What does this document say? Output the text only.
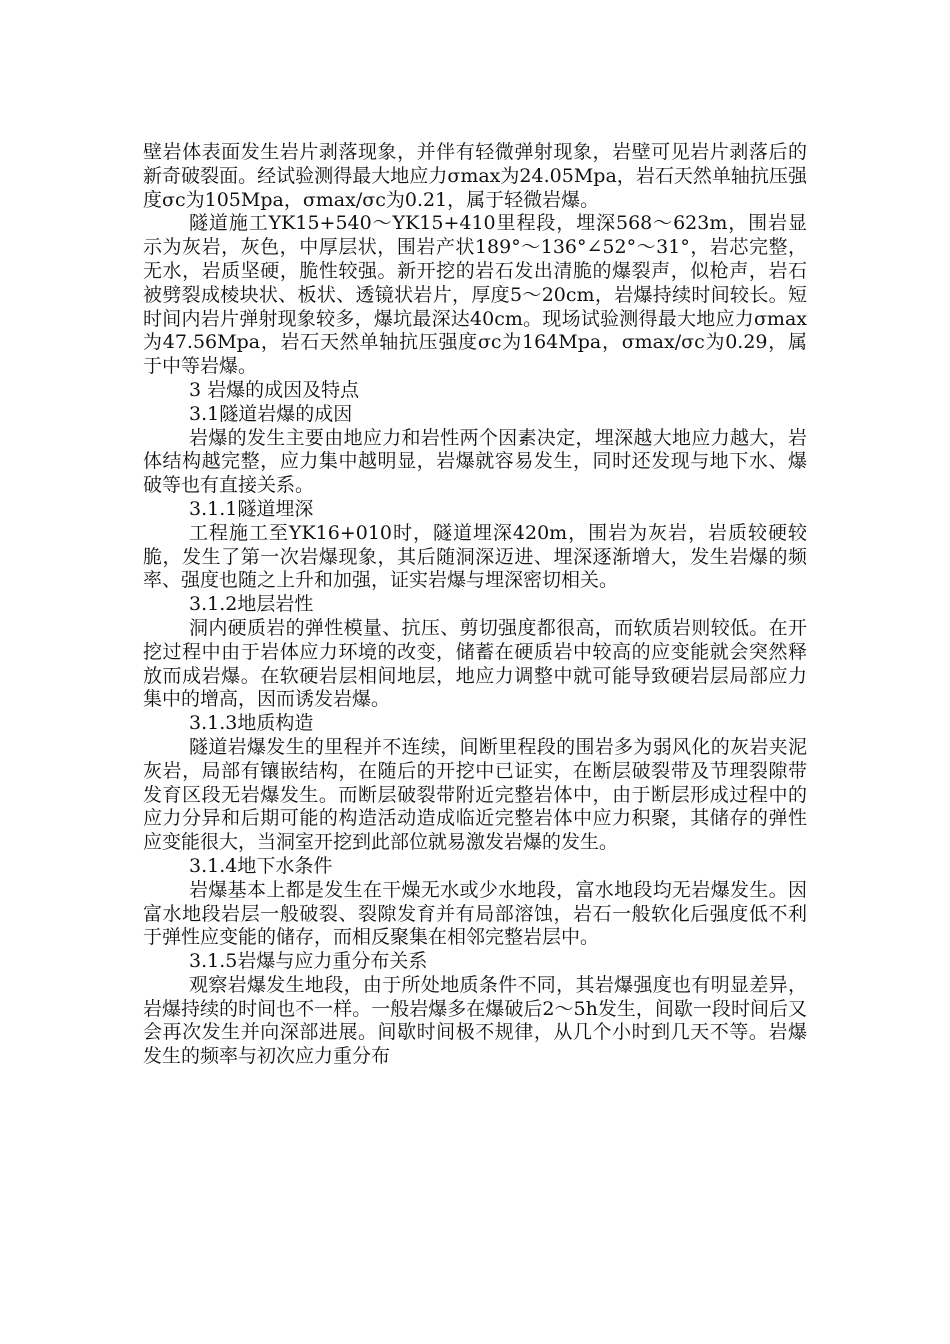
壁岩体表面发生岩片剥落现象，并伴有轻微弹射现象，岩壁可见岩片剥落后的新奇破裂面。经试验测得最大地应力σmax为24.05Mpa，岩石天然单轴抗压强度σc为105Mpa，σmax/σc为0.21，属于轻微岩爆。

隧道施工YK15+540～YK15+410里程段，埋深568～623m，围岩显示为灰岩，灰色，中厚层状，围岩产状189°～136°∠52°～31°，岩芯完整，无水，岩质坚硬，脆性较强。新开挖的岩石发出清脆的爆裂声，似枪声，岩石被劈裂成棱块状、板状、透镜状岩片，厚度5～20cm，岩爆持续时间较长。短时间内岩片弹射现象较多，爆坑最深达40cm。现场试验测得最大地应力σmax为47.56Mpa，岩石天然单轴抗压强度σc为164Mpa，σmax/σc为0.29，属于中等岩爆。

3 岩爆的成因及特点

3.1隧道岩爆的成因

岩爆的发生主要由地应力和岩性两个因素决定，埋深越大地应力越大，岩体结构越完整，应力集中越明显，岩爆就容易发生，同时还发现与地下水、爆破等也有直接关系。

3.1.1隧道埋深

工程施工至YK16+010时，隧道埋深420m，围岩为灰岩，岩质较硬较脆，发生了第一次岩爆现象，其后随洞深迈进、埋深逐渐增大，发生岩爆的频率、强度也随之上升和加强，证实岩爆与埋深密切相关。

3.1.2地层岩性

洞内硬质岩的弹性模量、抗压、剪切强度都很高，而软质岩则较低。在开挖过程中由于岩体应力环境的改变，储蓄在硬质岩中较高的应变能就会突然释放而成岩爆。在软硬岩层相间地层，地应力调整中就可能导致硬岩层局部应力集中的增高，因而诱发岩爆。

3.1.3地质构造

隧道岩爆发生的里程并不连续，间断里程段的围岩多为弱风化的灰岩夹泥灰岩，局部有镶嵌结构，在随后的开挖中已证实，在断层破裂带及节理裂隙带发育区段无岩爆发生。而断层破裂带附近完整岩体中，由于断层形成过程中的应力分异和后期可能的构造活动造成临近完整岩体中应力积聚，其储存的弹性应变能很大，当洞室开挖到此部位就易激发岩爆的发生。

3.1.4地下水条件

岩爆基本上都是发生在干燥无水或少水地段，富水地段均无岩爆发生。因富水地段岩层一般破裂、裂隙发育并有局部溶蚀，岩石一般软化后强度低不利于弹性应变能的储存，而相反聚集在相邻完整岩层中。

3.1.5岩爆与应力重分布关系

观察岩爆发生地段，由于所处地质条件不同，其岩爆强度也有明显差异，岩爆持续的时间也不一样。一般岩爆多在爆破后2～5h发生，间歇一段时间后又会再次发生并向深部进展。间歇时间极不规律，从几个小时到几天不等。岩爆发生的频率与初次应力重分布
